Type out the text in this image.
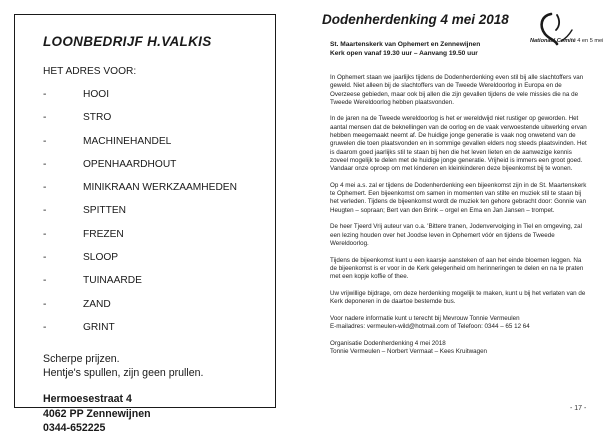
LOONBEDRIJF H.VALKIS
HET ADRES VOOR:
-	HOOI
-	STRO
-	MACHINEHANDEL
-	OPENHAARDHOUT
-	MINIKRAAN WERKZAAMHEDEN
-	SPITTEN
-	FREZEN
-	SLOOP
-	TUINAARDE
-	ZAND
-	GRINT
Scherpe prijzen.
Hentje's spullen, zijn geen prullen.
Hermoesestraat 4
4062 PP Zennewijnen
0344-652225
Dodenherdenking 4 mei 2018
Nationaal Comité 4 en 5 mei
St. Maartenskerk van Ophemert en Zennewijnen
Kerk open vanaf 19.30 uur – Aanvang 19.50 uur

In Ophemert staan we jaarlijks tijdens de Dodenherdenking even stil bij alle slachtoffers van geweld. Niet alleen bij de slachtoffers van de Tweede Wereldoorlog in Europa en de Overzeese gebieden, maar ook bij allen die zijn gevallen tijdens de vele missies die na de Tweede Wereldoorlog hebben plaatsvonden.

In de jaren na de Tweede wereldoorlog is het er wereldwijd niet rustiger op geworden. Het aantal mensen dat de beknellingen van de oorlog en de vaak verwoestende uitwerking ervan hebben meegemaakt neemt af. De huidige jonge generatie is vaak nog onwetend van de gruwelen die toen plaatsvonden en in sommige gevallen elders nog steeds plaatsvinden. Het is daarom goed jaarlijks stil te staan bij hen die het leven lieten en de aanwezige kennis zoveel mogelijk te delen met de huidige jonge generatie. Vrijheid is immers een groot goed. Vandaar onze oproep om met kinderen en kleinkinderen deze bijeenkomst bij te wonen.

Op 4 mei a.s. zal er tijdens de Dodenherdenking een bijeenkomst zijn in de St. Maartenskerk te Ophemert. Een bijeenkomst om samen in momenten van stilte en muziek stil te staan bij het verleden. Tijdens de bijeenkomst wordt de muziek ten gehore gebracht door: Gonnie van Heugten – sopraan; Bert van den Brink – orgel en Ema en Jan Jansen – trompet.

De heer Tjeerd Vrij auteur van o.a. 'Bittere tranen, Jodenvervolging in Tiel en omgeving, zal een lezing houden over het Joodse leven in Ophemert vóór en tijdens de Tweede Wereldoorlog.

Tijdens de bijeenkomst kunt u een kaarsje aansteken of aan het einde bloemen leggen. Na de bijeenkomst is er voor in de Kerk gelegenheid om herinneringen te delen en na te praten met een kopje koffie of thee.

Uw vrijwillige bijdrage, om deze herdenking mogelijk te maken, kunt u bij het verlaten van de Kerk deponeren in de daartoe bestemde bus.

Voor nadere informatie kunt u terecht bij Mevrouw Tonnie Vermeulen
E-mailadres: vermeulen-wild@hotmail.com of Telefoon: 0344 – 65 12 64

Organisatie Dodenherdenking 4 mei 2018
Tonnie Vermeulen – Norbert Vermaat – Kees Kruitwagen

- 17 -
